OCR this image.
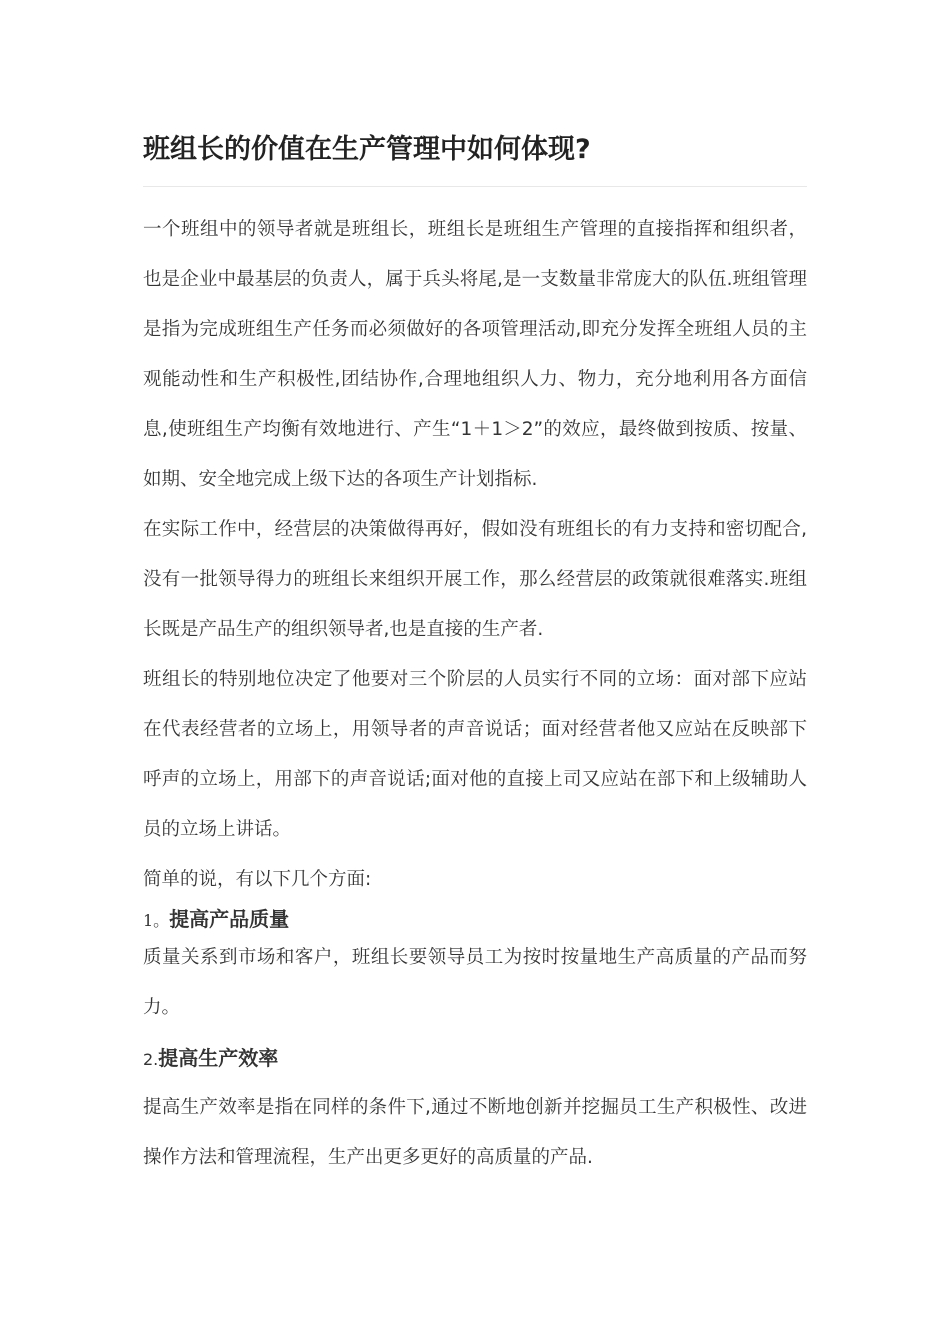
班组长的价值在生产管理中如何体现?

一个班组中的领导者就是班组长，班组长是班组生产管理的直接指挥和组织者，也是企业中最基层的负责人，属于兵头将尾,是一支数量非常庞大的队伍.班组管理是指为完成班组生产任务而必须做好的各项管理活动,即充分发挥全班组人员的主观能动性和生产积极性,团结协作,合理地组织人力、物力，充分地利用各方面信息,使班组生产均衡有效地进行、产生“1＋1＞2”的效应，最终做到按质、按量、如期、安全地完成上级下达的各项生产计划指标.

在实际工作中，经营层的决策做得再好，假如没有班组长的有力支持和密切配合,没有一批领导得力的班组长来组织开展工作，那么经营层的政策就很难落实.班组长既是产品生产的组织领导者,也是直接的生产者.

班组长的特别地位决定了他要对三个阶层的人员实行不同的立场：面对部下应站在代表经营者的立场上，用领导者的声音说话；面对经营者他又应站在反映部下呼声的立场上，用部下的声音说话;面对他的直接上司又应站在部下和上级辅助人员的立场上讲话。

简单的说，有以下几个方面:

1。提高产品质量

质量关系到市场和客户，班组长要领导员工为按时按量地生产高质量的产品而努力。

2.提高生产效率

提高生产效率是指在同样的条件下,通过不断地创新并挖掘员工生产积极性、改进操作方法和管理流程，生产出更多更好的高质量的产品.
